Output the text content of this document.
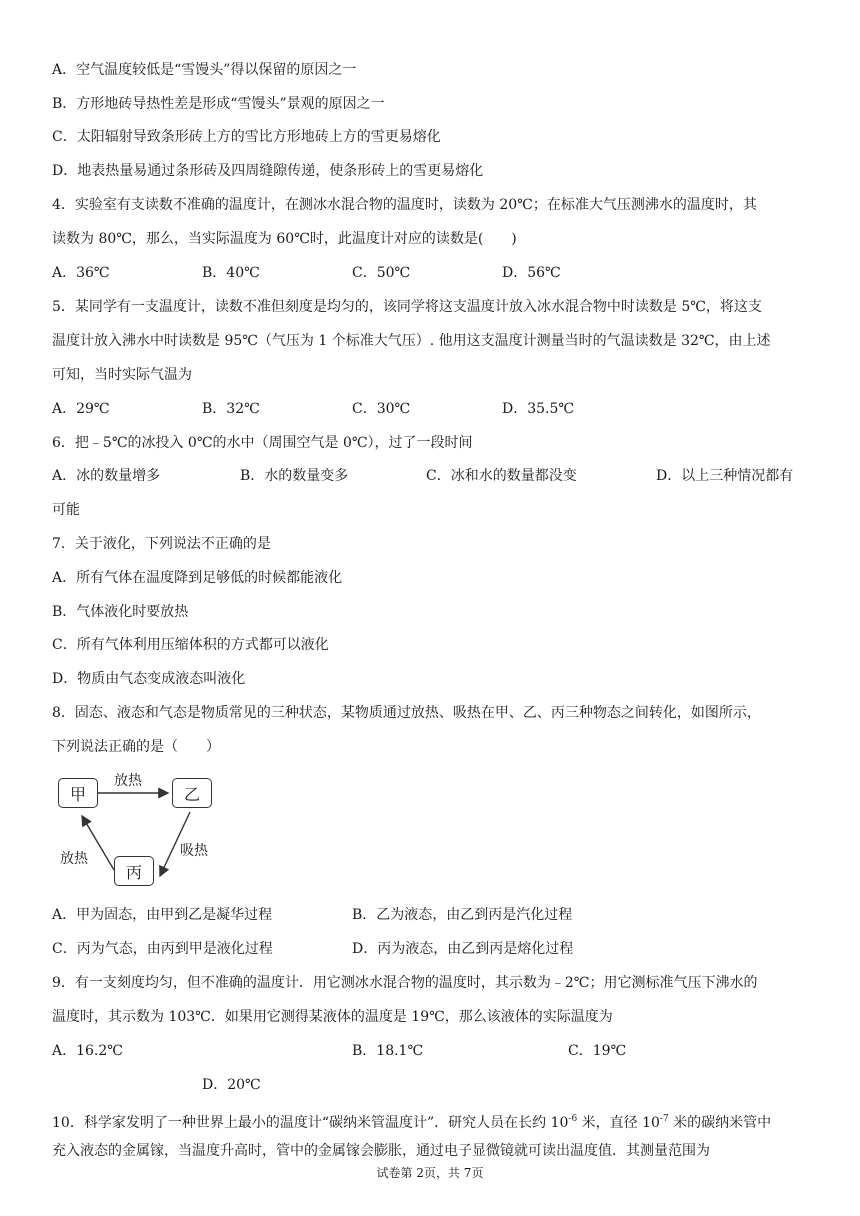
A．空气温度较低是“雪馒头”得以保留的原因之一
B．方形地砖导热性差是形成“雪馒头”景观的原因之一
C．太阳辐射导致条形砖上方的雪比方形地砖上方的雪更易熔化
D．地表热量易通过条形砖及四周缝隙传递，使条形砖上的雪更易熔化
4．实验室有支读数不准确的温度计，在测冰水混合物的温度时，读数为 20℃；在标准大气压测沸水的温度时，其
读数为 80℃，那么，当实际温度为 60℃时，此温度计对应的读数是(　　)
A．36℃	B．40℃	C．50℃	D．56℃
5．某同学有一支温度计，读数不准但刻度是均匀的，该同学将这支温度计放入冰水混合物中时读数是 5℃，将这支
温度计放入沸水中时读数是 95℃（气压为 1 个标准大气压）. 他用这支温度计测量当时的气温读数是 32℃，由上述
可知，当时实际气温为
A．29℃	B．32℃	C．30℃	D．35.5℃
6．把﹣5℃的冰投入 0℃的水中（周围空气是 0℃），过了一段时间
A．冰的数量增多	B．水的数量变多	C．冰和水的数量都没变	D．以上三种情况都有
可能
7．关于液化，下列说法不正确的是
A．所有气体在温度降到足够低的时候都能液化
B．气体液化时要放热
C．所有气体利用压缩体积的方式都可以液化
D．物质由气态变成液态叫液化
8．固态、液态和气态是物质常见的三种状态，某物质通过放热、吸热在甲、乙、丙三种物态之间转化，如图所示，
下列说法正确的是（　　）
甲	乙
丙
放热
吸热
放热
A．甲为固态，由甲到乙是凝华过程	B．乙为液态，由乙到丙是汽化过程
C．丙为气态，由丙到甲是液化过程	D．丙为液态，由乙到丙是熔化过程
9．有一支刻度均匀，但不准确的温度计．用它测冰水混合物的温度时，其示数为﹣2℃；用它测标准气压下沸水的
温度时，其示数为 103℃．如果用它测得某液体的温度是 19℃，那么该液体的实际温度为
A．16.2℃	B．18.1℃	C．19℃
D．20℃
10．科学家发明了一种世界上最小的温度计“碳纳米管温度计”．研究人员在长约 $10^{-6}$ 米，直径 $10^{-7}$ 米的碳纳米管中
充入液态的金属镓，当温度升高时，管中的金属镓会膨胀，通过电子显微镜就可读出温度值．其测量范围为
试卷第 2页，共 7页
